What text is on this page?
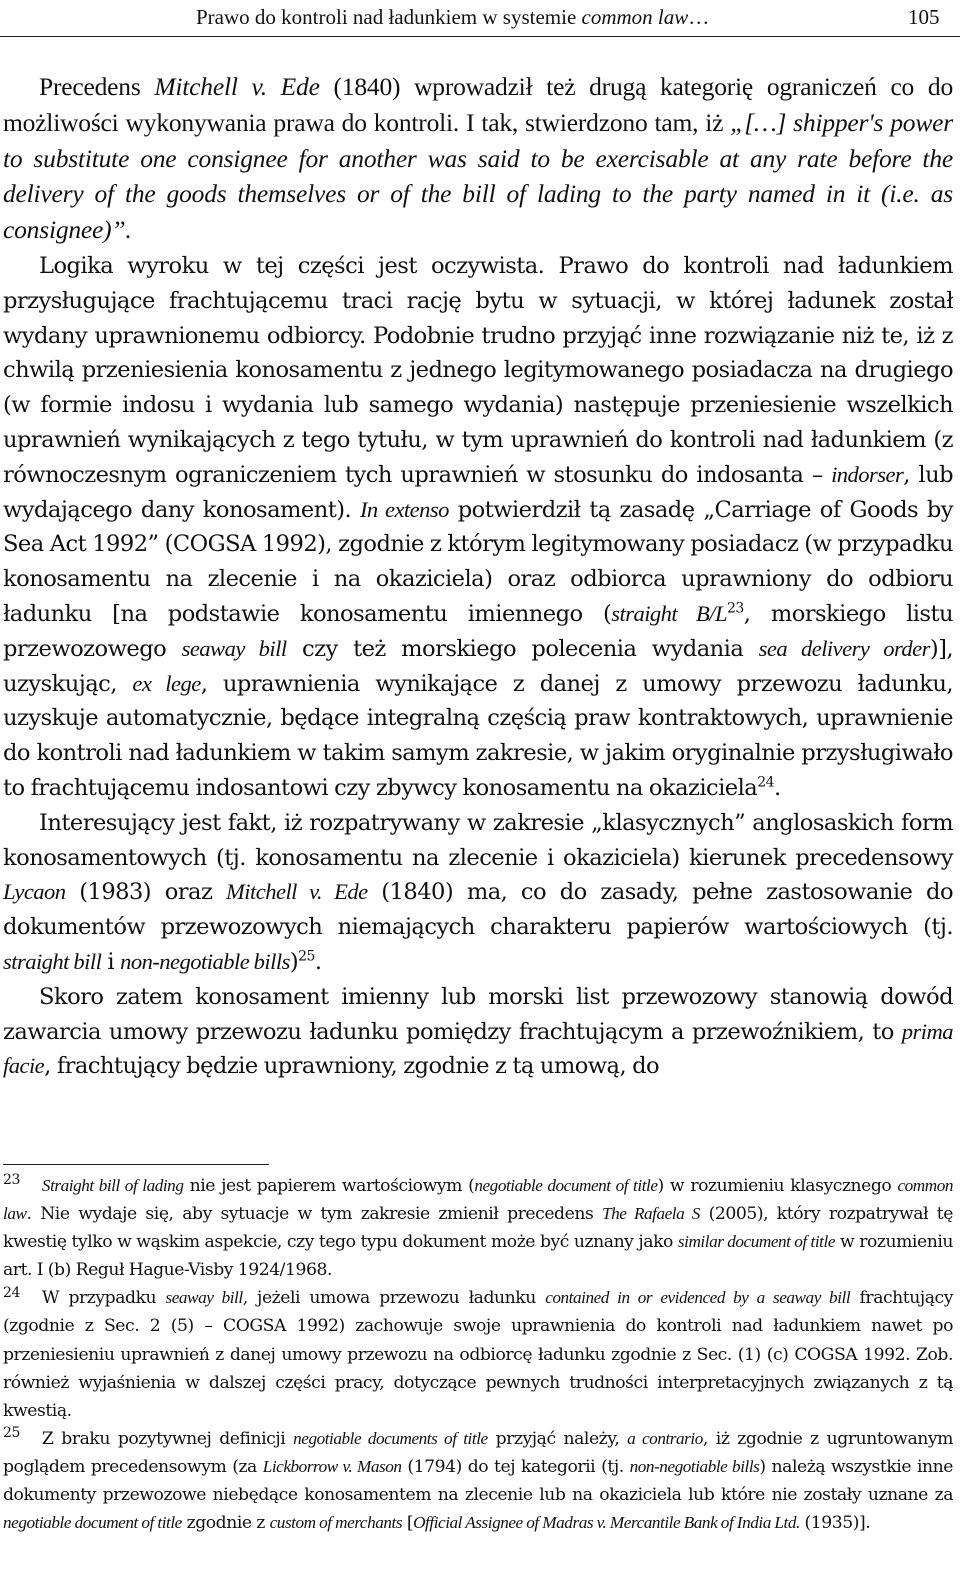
Prawo do kontroli nad ładunkiem w systemie common law…	105

Precedens Mitchell v. Ede (1840) wprowadził też drugą kategorię ograniczeń co do możliwości wykonywania prawa do kontroli. I tak, stwierdzono tam, iż „[…] shipper's power to substitute one consignee for another was said to be exercisable at any rate before the delivery of the goods themselves or of the bill of lading to the party named in it (i.e. as consignee)”.

Logika wyroku w tej części jest oczywista. Prawo do kontroli nad ładunkiem przysługujące frachtującemu traci rację bytu w sytuacji, w której ładunek został wydany uprawnionemu odbiorcy. Podobnie trudno przyjąć inne rozwiązanie niż te, iż z chwilą przeniesienia konosamentu z jednego legitymowanego posiadacza na drugiego (w formie indosu i wydania lub samego wydania) następuje przeniesienie wszelkich uprawnień wynikających z tego tytułu, w tym uprawnień do kontroli nad ładunkiem (z równoczesnym ograniczeniem tych uprawnień w stosunku do indosanta – indorser, lub wydającego dany konosament). In extenso potwierdził tą zasadę „Carriage of Goods by Sea Act 1992” (COGSA 1992), zgodnie z którym legitymowany posiadacz (w przypadku konosamentu na zlecenie i na okaziciela) oraz odbiorca uprawniony do odbioru ładunku [na podstawie konosamentu imiennego (straight $B/L^{23}$, morskiego listu przewozowego seaway bill czy też morskiego polecenia wydania sea delivery order)], uzyskując, ex lege, uprawnienia wynikające z danej z umowy przewozu ładunku, uzyskuje automatycznie, będące integralną częścią praw kontraktowych, uprawnienie do kontroli nad ładunkiem w takim samym zakresie, w jakim oryginalnie przysługiwało to frachtującemu indosantowi czy zbywcy konosamentu na okaziciela$^{24}$.

Interesujący jest fakt, iż rozpatrywany w zakresie „klasycznych” anglosaskich form konosamentowych (tj. konosamentu na zlecenie i okaziciela) kierunek precedensowy Lycaon (1983) oraz Mitchell v. Ede (1840) ma, co do zasady, pełne zastosowanie do dokumentów przewozowych niemających charakteru papierów wartościowych (tj. straight bill i non-negotiable bills)$^{25}$.

Skoro zatem konosament imienny lub morski list przewozowy stanowią dowód zawarcia umowy przewozu ładunku pomiędzy frachtującym a przewoźnikiem, to prima facie, frachtujący będzie uprawniony, zgodnie z tą umową, do

$^{23}$ Straight bill of lading nie jest papierem wartościowym (negotiable document of title) w rozumieniu klasycznego common law. Nie wydaje się, aby sytuacje w tym zakresie zmienił precedens The Rafaela S (2005), który rozpatrywał tę kwestię tylko w wąskim aspekcie, czy tego typu dokument może być uznany jako similar document of title w rozumieniu art. I (b) Reguł Hague-Visby 1924/1968.

$^{24}$ W przypadku seaway bill, jeżeli umowa przewozu ładunku contained in or evidenced by a seaway bill frachtujący (zgodnie z Sec. 2 (5) – COGSA 1992) zachowuje swoje uprawnienia do kontroli nad ładunkiem nawet po przeniesieniu uprawnień z danej umowy przewozu na odbiorcę ładunku zgodnie z Sec. (1) (c) COGSA 1992. Zob. również wyjaśnienia w dalszej części pracy, dotyczące pewnych trudności interpretacyjnych związanych z tą kwestią.

$^{25}$ Z braku pozytywnej definicji negotiable documents of title przyjąć należy, a contrario, iż zgodnie z ugruntowanym poglądem precedensowym (za Lickborrow v. Mason (1794) do tej kategorii (tj. non-negotiable bills) należą wszystkie inne dokumenty przewozowe niebędące konosamentem na zlecenie lub na okaziciela lub które nie zostały uznane za negotiable document of title zgodnie z custom of merchants [Official Assignee of Madras v. Mercantile Bank of India Ltd. (1935)].
